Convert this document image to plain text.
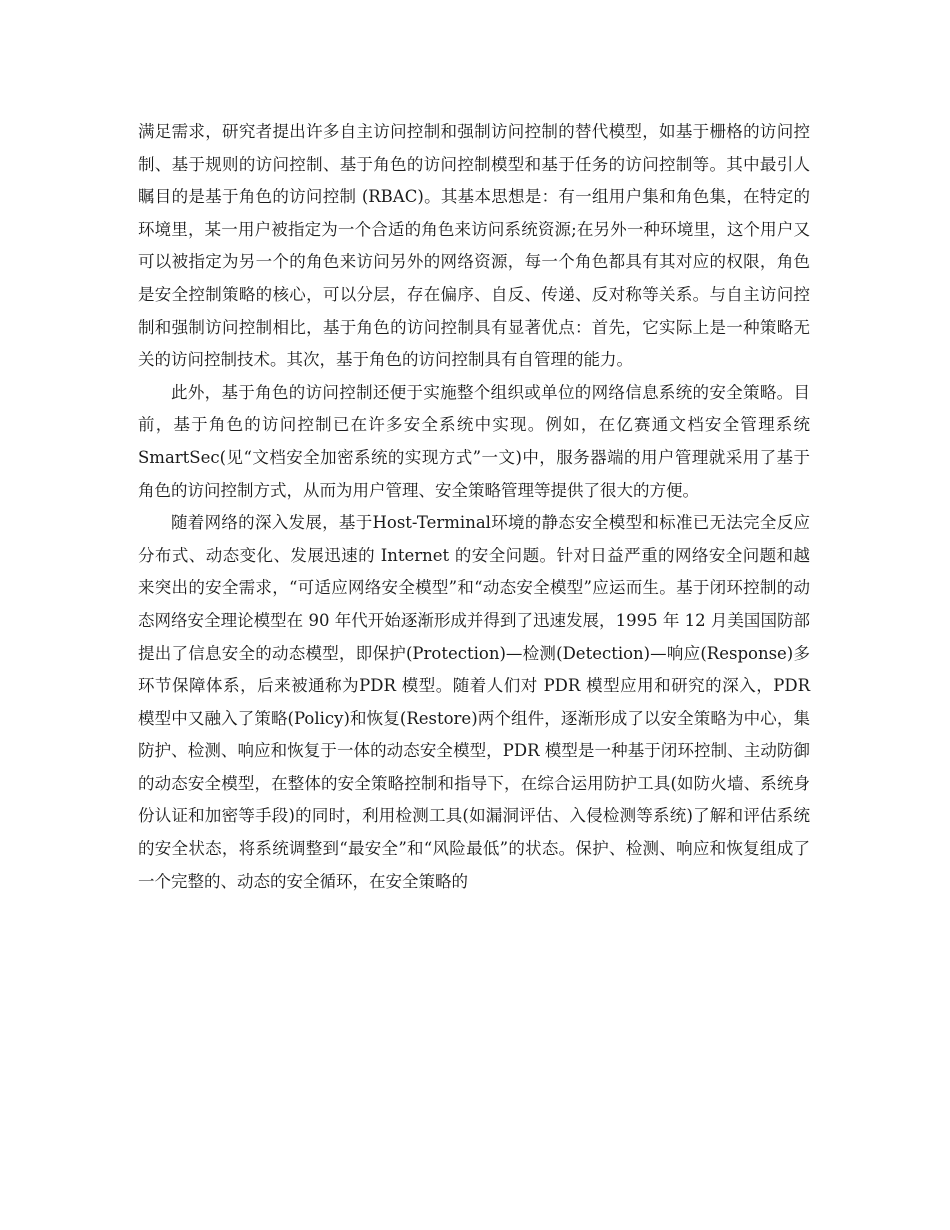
满足需求，研究者提出许多自主访问控制和强制访问控制的替代模型，如基于栅格的访问控制、基于规则的访问控制、基于角色的访问控制模型和基于任务的访问控制等。其中最引人瞩目的是基于角色的访问控制 (RBAC)。其基本思想是：有一组用户集和角色集，在特定的环境里，某一用户被指定为一个合适的角色来访问系统资源;在另外一种环境里，这个用户又可以被指定为另一个的角色来访问另外的网络资源，每一个角色都具有其对应的权限，角色是安全控制策略的核心，可以分层，存在偏序、自反、传递、反对称等关系。与自主访问控制和强制访问控制相比，基于角色的访问控制具有显著优点：首先，它实际上是一种策略无关的访问控制技术。其次，基于角色的访问控制具有自管理的能力。

此外，基于角色的访问控制还便于实施整个组织或单位的网络信息系统的安全策略。目前，基于角色的访问控制已在许多安全系统中实现。例如，在亿赛通文档安全管理系统SmartSec(见“文档安全加密系统的实现方式”一文)中，服务器端的用户管理就采用了基于角色的访问控制方式，从而为用户管理、安全策略管理等提供了很大的方便。

随着网络的深入发展，基于Host-Terminal环境的静态安全模型和标准已无法完全反应分布式、动态变化、发展迅速的 Internet 的安全问题。针对日益严重的网络安全问题和越来突出的安全需求，“可适应网络安全模型”和“动态安全模型”应运而生。基于闭环控制的动态网络安全理论模型在 90 年代开始逐渐形成并得到了迅速发展，1995 年 12 月美国国防部提出了信息安全的动态模型，即保护(Protection)—检测(Detection)—响应(Response)多环节保障体系，后来被通称为PDR 模型。随着人们对 PDR 模型应用和研究的深入，PDR 模型中又融入了策略(Policy)和恢复(Restore)两个组件，逐渐形成了以安全策略为中心，集防护、检测、响应和恢复于一体的动态安全模型，PDR 模型是一种基于闭环控制、主动防御的动态安全模型，在整体的安全策略控制和指导下，在综合运用防护工具(如防火墙、系统身份认证和加密等手段)的同时，利用检测工具(如漏洞评估、入侵检测等系统)了解和评估系统的安全状态，将系统调整到“最安全”和“风险最低”的状态。保护、检测、响应和恢复组成了一个完整的、动态的安全循环，在安全策略的
